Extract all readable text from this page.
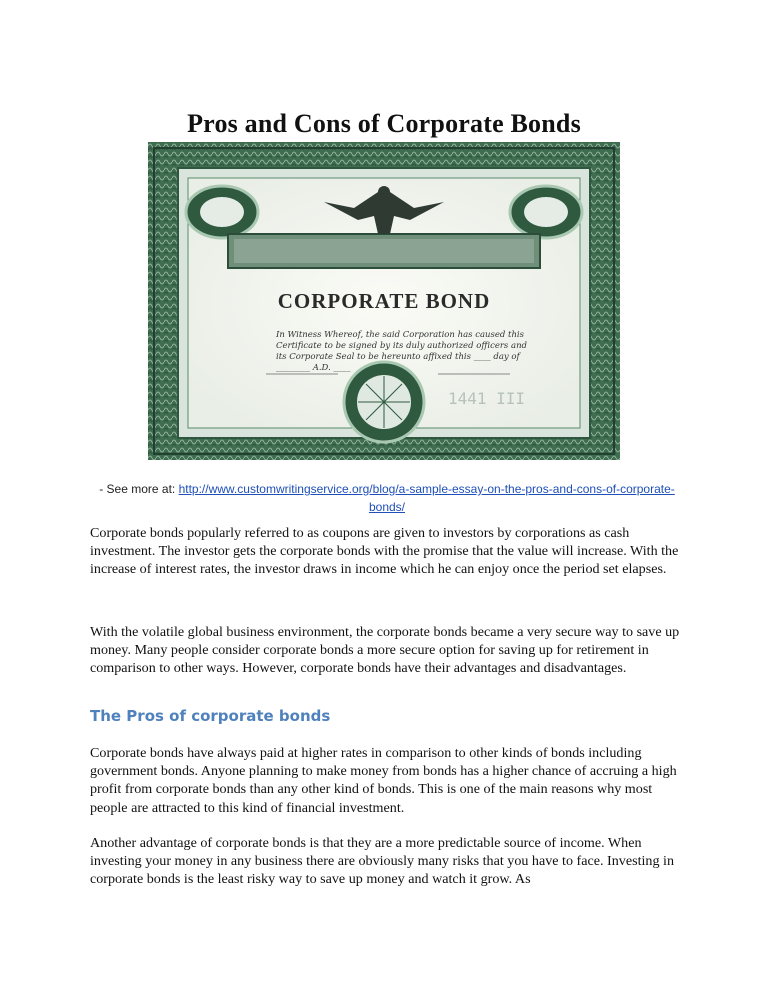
Pros and Cons of Corporate Bonds
1441 III
CORPORATE BOND
In Witness Whereof, the said Corporation has caused this Certificate to be signed by its duly authorized officers and its Corporate Seal to be hereunto affixed this ____ day of ________ A.D. ____
- See more at: http://www.customwritingservice.org/blog/a-sample-essay-on-the-pros-and-cons-of-corporate-bonds/

Corporate bonds popularly referred to as coupons are given to investors by corporations as cash investment. The investor gets the corporate bonds with the promise that the value will increase. With the increase of interest rates, the investor draws in income which he can enjoy once the period set elapses.

With the volatile global business environment, the corporate bonds became a very secure way to save up money. Many people consider corporate bonds a more secure option for saving up for retirement in comparison to other ways. However, corporate bonds have their advantages and disadvantages.

The Pros of corporate bonds

Corporate bonds have always paid at higher rates in comparison to other kinds of bonds including government bonds. Anyone planning to make money from bonds has a higher chance of accruing a high profit from corporate bonds than any other kind of bonds. This is one of the main reasons why most people are attracted to this kind of financial investment.

Another advantage of corporate bonds is that they are a more predictable source of income. When investing your money in any business there are obviously many risks that you have to face. Investing in corporate bonds is the least risky way to save up money and watch it grow. As
